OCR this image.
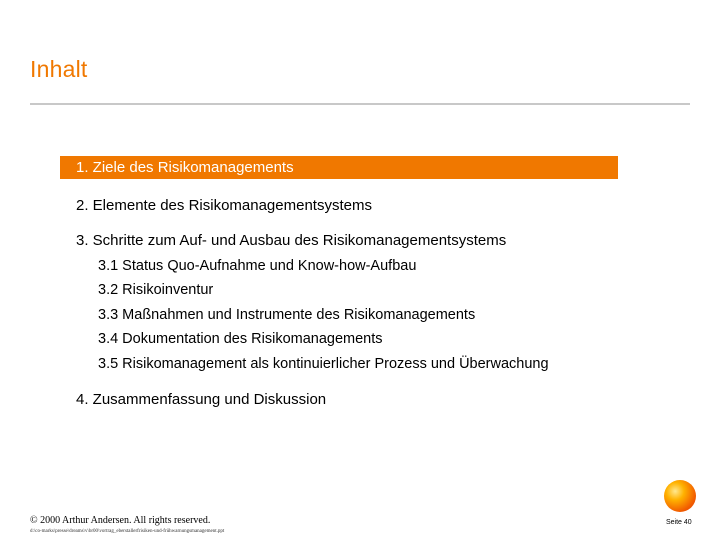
Inhalt
1. Ziele des Risikomanagements
2. Elemente des Risikomanagementsystems
3. Schritte zum Auf- und Ausbau des Risikomanagementsystems
3.1 Status Quo-Aufnahme und Know-how-Aufbau
3.2 Risikoinventur
3.3 Maßnahmen und Instrumente des Risikomanagements
3.4 Dokumentation des Risikomanagements
3.5 Risikomanagement als kontinuierlicher Prozess und Überwachung
4. Zusammenfassung und Diskussion
© 2000 Arthur Andersen. All rights reserved.
d:\co-marks\presse\dreams\v\br00\vortrag_eberstallerfrisiken-und-frühwarnungsmanagement.ppt
Seite 40
